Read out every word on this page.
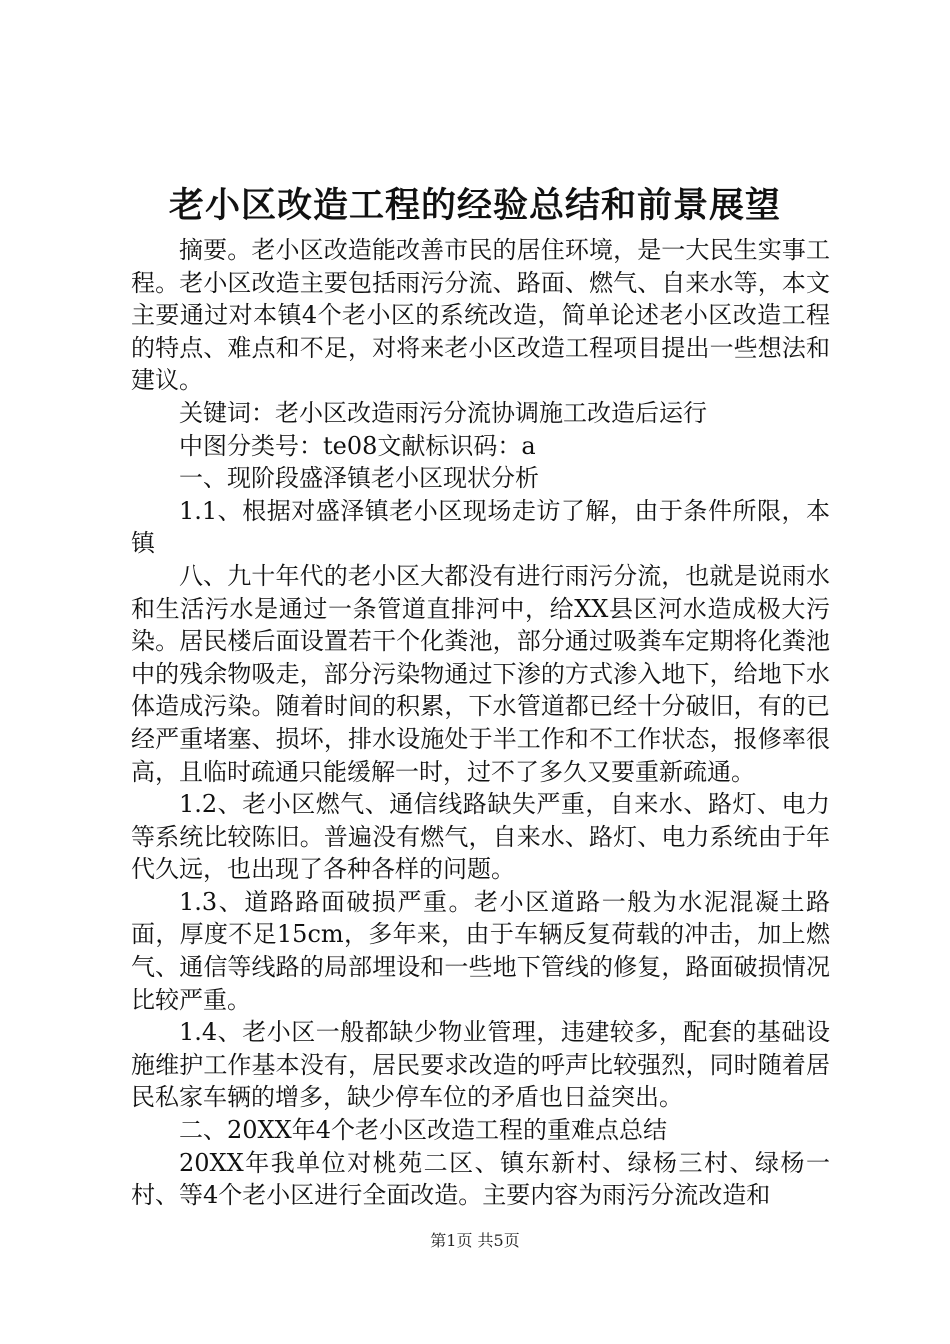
老小区改造工程的经验总结和前景展望

摘要。老小区改造能改善市民的居住环境，是一大民生实事工程。老小区改造主要包括雨污分流、路面、燃气、自来水等，本文主要通过对本镇4个老小区的系统改造，简单论述老小区改造工程的特点、难点和不足，对将来老小区改造工程项目提出一些想法和建议。

关键词：老小区改造雨污分流协调施工改造后运行

中图分类号：te08文献标识码：a

一、现阶段盛泽镇老小区现状分析

1.1、根据对盛泽镇老小区现场走访了解，由于条件所限，本镇

八、九十年代的老小区大都没有进行雨污分流，也就是说雨水和生活污水是通过一条管道直排河中，给XX县区河水造成极大污染。居民楼后面设置若干个化粪池，部分通过吸粪车定期将化粪池中的残余物吸走，部分污染物通过下渗的方式渗入地下，给地下水体造成污染。随着时间的积累，下水管道都已经十分破旧，有的已经严重堵塞、损坏，排水设施处于半工作和不工作状态，报修率很高，且临时疏通只能缓解一时，过不了多久又要重新疏通。

1.2、老小区燃气、通信线路缺失严重，自来水、路灯、电力等系统比较陈旧。普遍没有燃气，自来水、路灯、电力系统由于年代久远，也出现了各种各样的问题。

1.3、道路路面破损严重。老小区道路一般为水泥混凝土路面，厚度不足15cm，多年来，由于车辆反复荷载的冲击，加上燃气、通信等线路的局部埋设和一些地下管线的修复，路面破损情况比较严重。

1.4、老小区一般都缺少物业管理，违建较多，配套的基础设施维护工作基本没有，居民要求改造的呼声比较强烈，同时随着居民私家车辆的增多，缺少停车位的矛盾也日益突出。

二、20XX年4个老小区改造工程的重难点总结

20XX年我单位对桃苑二区、镇东新村、绿杨三村、绿杨一村、等4个老小区进行全面改造。主要内容为雨污分流改造和

第1页 共5页
